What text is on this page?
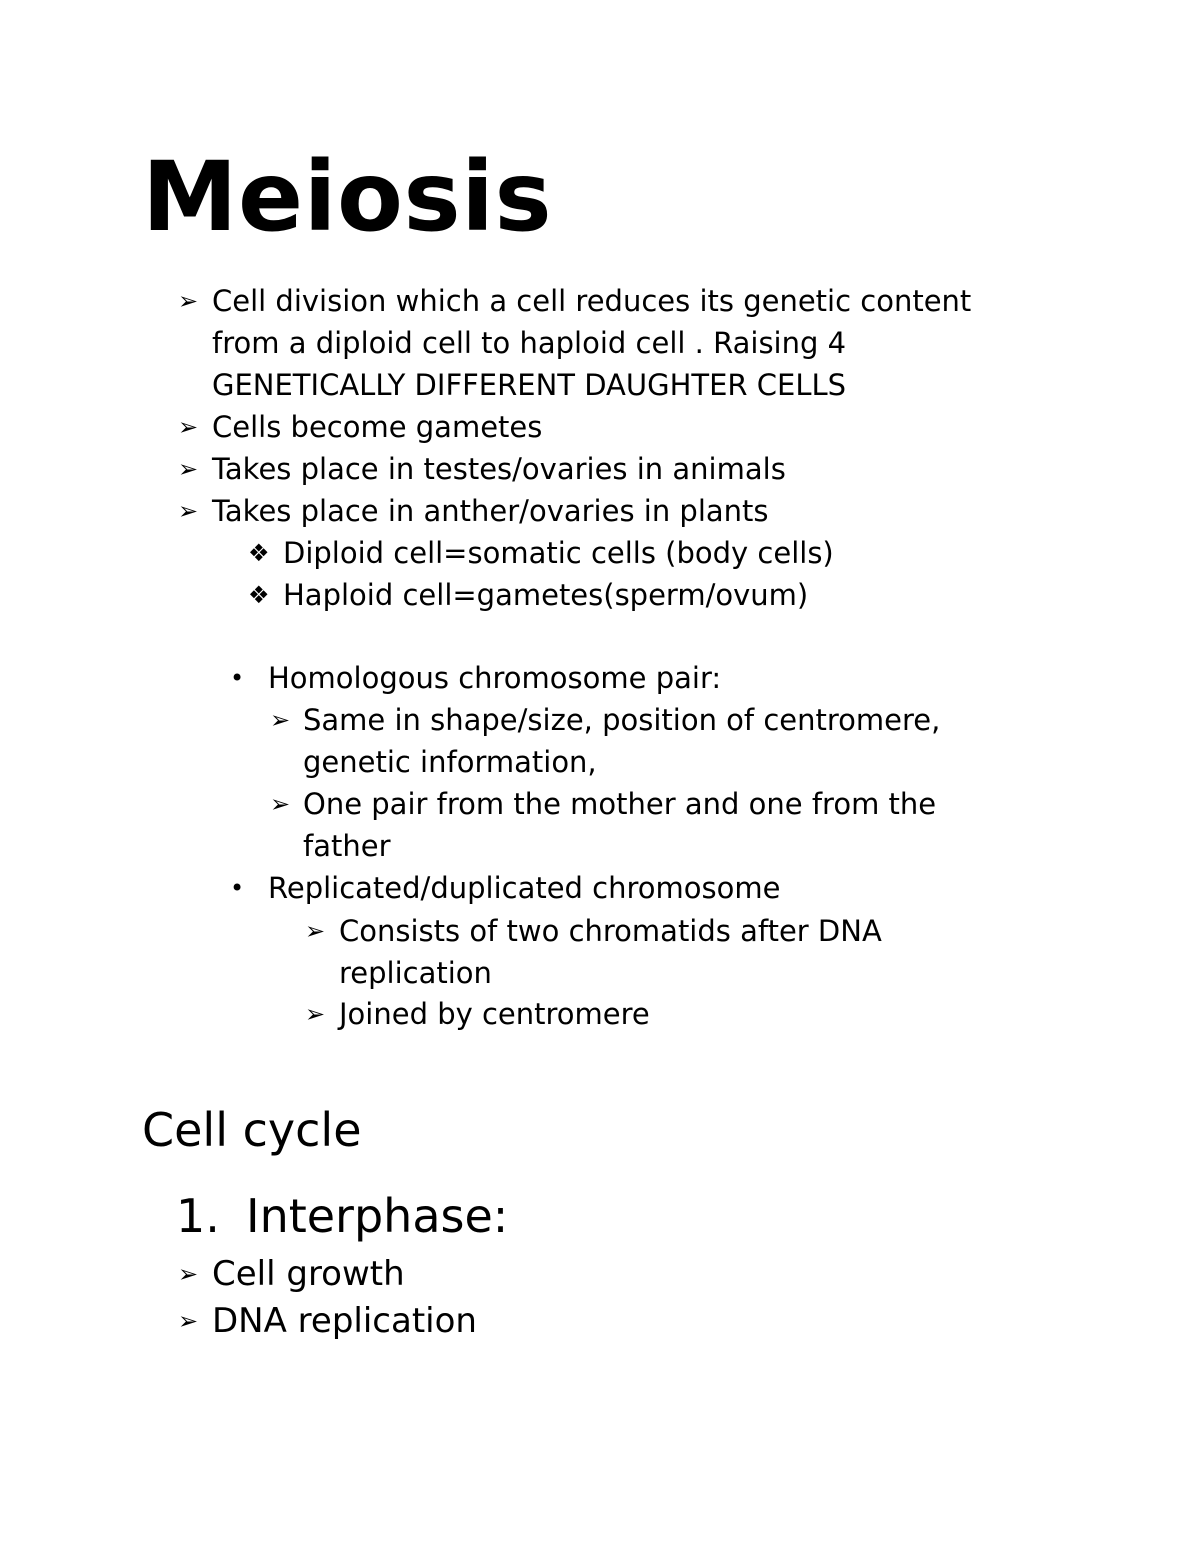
Meiosis
➢ Cell division which a cell reduces its genetic content
from a diploid cell to haploid cell . Raising 4
GENETICALLY DIFFERENT DAUGHTER CELLS
➢ Cells become gametes
➢ Takes place in testes/ovaries in animals
➢ Takes place in anther/ovaries in plants
❖ Diploid cell=somatic cells (body cells)
❖ Haploid cell=gametes(sperm/ovum)
• Homologous chromosome pair:
➢ Same in shape/size, position of centromere,
genetic information,
➢ One pair from the mother and one from the
father
• Replicated/duplicated chromosome
➢ Consists of two chromatids after DNA
replication
➢ Joined by centromere
Cell cycle
1. Interphase:
➢ Cell growth
➢ DNA replication
